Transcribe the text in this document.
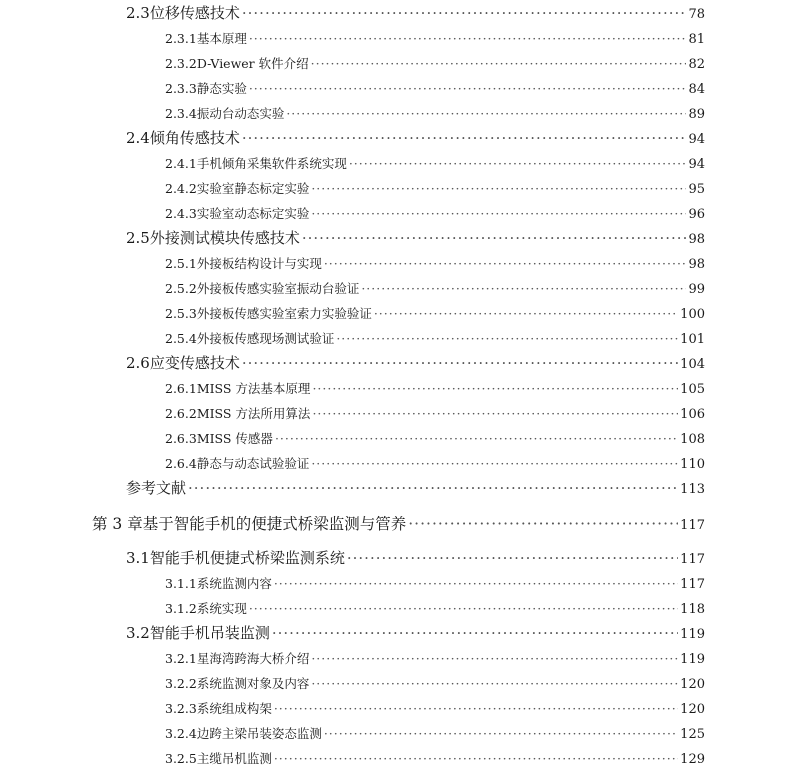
2.3 位移传感技术 ·····	78
2.3.1 基本原理 ·····	81
2.3.2 D-Viewer 软件介绍 ·····	82
2.3.3 静态实验 ·····	84
2.3.4 振动台动态实验 ·····	89
2.4 倾角传感技术 ·····	94
2.4.1 手机倾角采集软件系统实现 ·····	94
2.4.2 实验室静态标定实验 ·····	95
2.4.3 实验室动态标定实验 ·····	96
2.5 外接测试模块传感技术 ·····	98
2.5.1 外接板结构设计与实现 ·····	98
2.5.2 外接板传感实验室振动台验证 ·····	99
2.5.3 外接板传感实验室索力实验验证 ·····	100
2.5.4 外接板传感现场测试验证 ·····	101
2.6 应变传感技术 ·····	104
2.6.1 MISS 方法基本原理 ·····	105
2.6.2 MISS 方法所用算法 ·····	106
2.6.3 MISS 传感器 ·····	108
2.6.4 静态与动态试验验证 ·····	110
参考文献 ·····	113
第 3 章 基于智能手机的便捷式桥梁监测与管养 ·····	117
3.1 智能手机便捷式桥梁监测系统 ·····	117
3.1.1 系统监测内容 ·····	117
3.1.2 系统实现 ·····	118
3.2 智能手机吊装监测 ·····	119
3.2.1 星海湾跨海大桥介绍 ·····	119
3.2.2 系统监测对象及内容 ·····	120
3.2.3 系统组成构架 ·····	120
3.2.4 边跨主梁吊装姿态监测 ·····	125
3.2.5 主缆吊机监测 ·····	129
